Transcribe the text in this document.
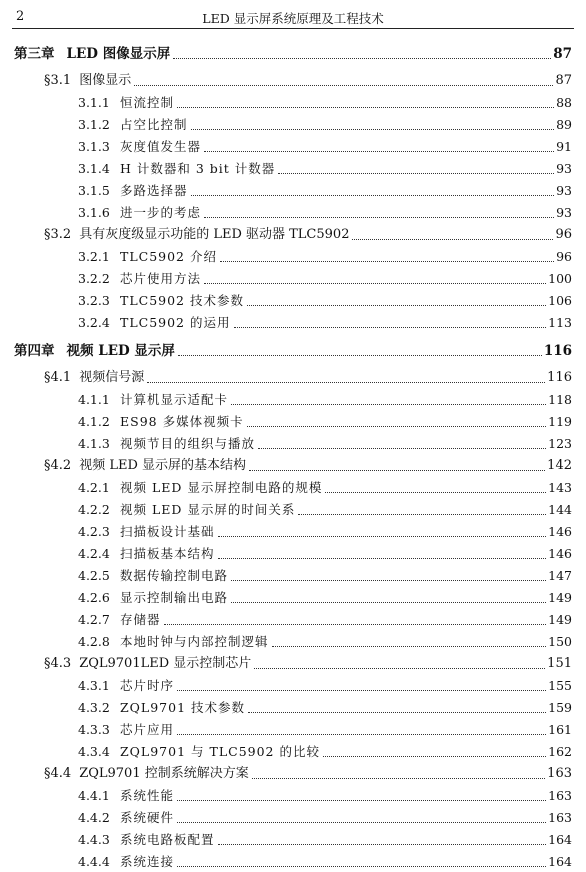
2	LED 显示屏系统原理及工程技术
第三章 LED 图像显示屏	87
§3.1 图像显示	87
3.1.1 恒流控制	88
3.1.2 占空比控制	89
3.1.3 灰度值发生器	91
3.1.4 H 计数器和 3 bit 计数器	93
3.1.5 多路选择器	93
3.1.6 进一步的考虑	93
§3.2 具有灰度级显示功能的 LED 驱动器 TLC5902	96
3.2.1 TLC5902 介绍	96
3.2.2 芯片使用方法	100
3.2.3 TLC5902 技术参数	106
3.2.4 TLC5902 的运用	113
第四章 视频 LED 显示屏	116
§4.1 视频信号源	116
4.1.1 计算机显示适配卡	118
4.1.2 ES98 多媒体视频卡	119
4.1.3 视频节目的组织与播放	123
§4.2 视频 LED 显示屏的基本结构	142
4.2.1 视频 LED 显示屏控制电路的规模	143
4.2.2 视频 LED 显示屏的时间关系	144
4.2.3 扫描板设计基础	146
4.2.4 扫描板基本结构	146
4.2.5 数据传输控制电路	147
4.2.6 显示控制输出电路	149
4.2.7 存储器	149
4.2.8 本地时钟与内部控制逻辑	150
§4.3 ZQL9701LED 显示控制芯片	151
4.3.1 芯片时序	155
4.3.2 ZQL9701 技术参数	159
4.3.3 芯片应用	161
4.3.4 ZQL9701 与 TLC5902 的比较	162
§4.4 ZQL9701 控制系统解决方案	163
4.4.1 系统性能	163
4.4.2 系统硬件	163
4.4.3 系统电路板配置	164
4.4.4 系统连接	164
